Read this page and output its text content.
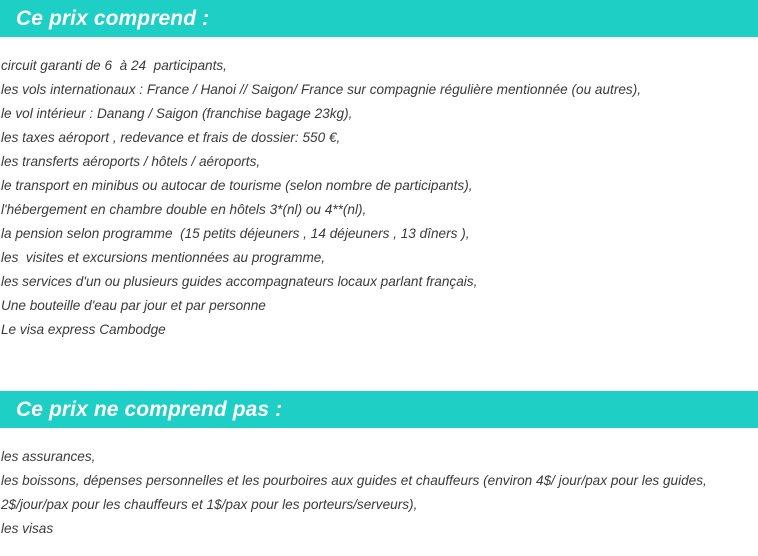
Ce prix comprend :
circuit garanti de 6  à 24  participants,
les vols internationaux : France / Hanoi // Saigon/ France sur compagnie régulière mentionnée (ou autres),
le vol intérieur : Danang / Saigon (franchise bagage 23kg),
les taxes aéroport , redevance et frais de dossier: 550 €,
les transferts aéroports / hôtels / aéroports,
le transport en minibus ou autocar de tourisme (selon nombre de participants),
l'hébergement en chambre double en hôtels 3*(nl) ou 4**(nl),
la pension selon programme  (15 petits déjeuners , 14 déjeuners , 13 dîners ),
les  visites et excursions mentionnées au programme,
les services d'un ou plusieurs guides accompagnateurs locaux parlant français,
Une bouteille d'eau par jour et par personne
Le visa express Cambodge
Ce prix ne comprend pas :
les assurances,
les boissons, dépenses personnelles et les pourboires aux guides et chauffeurs (environ 4$/ jour/pax pour les guides,
2$/jour/pax pour les chauffeurs et 1$/pax pour les porteurs/serveurs),
les visas
